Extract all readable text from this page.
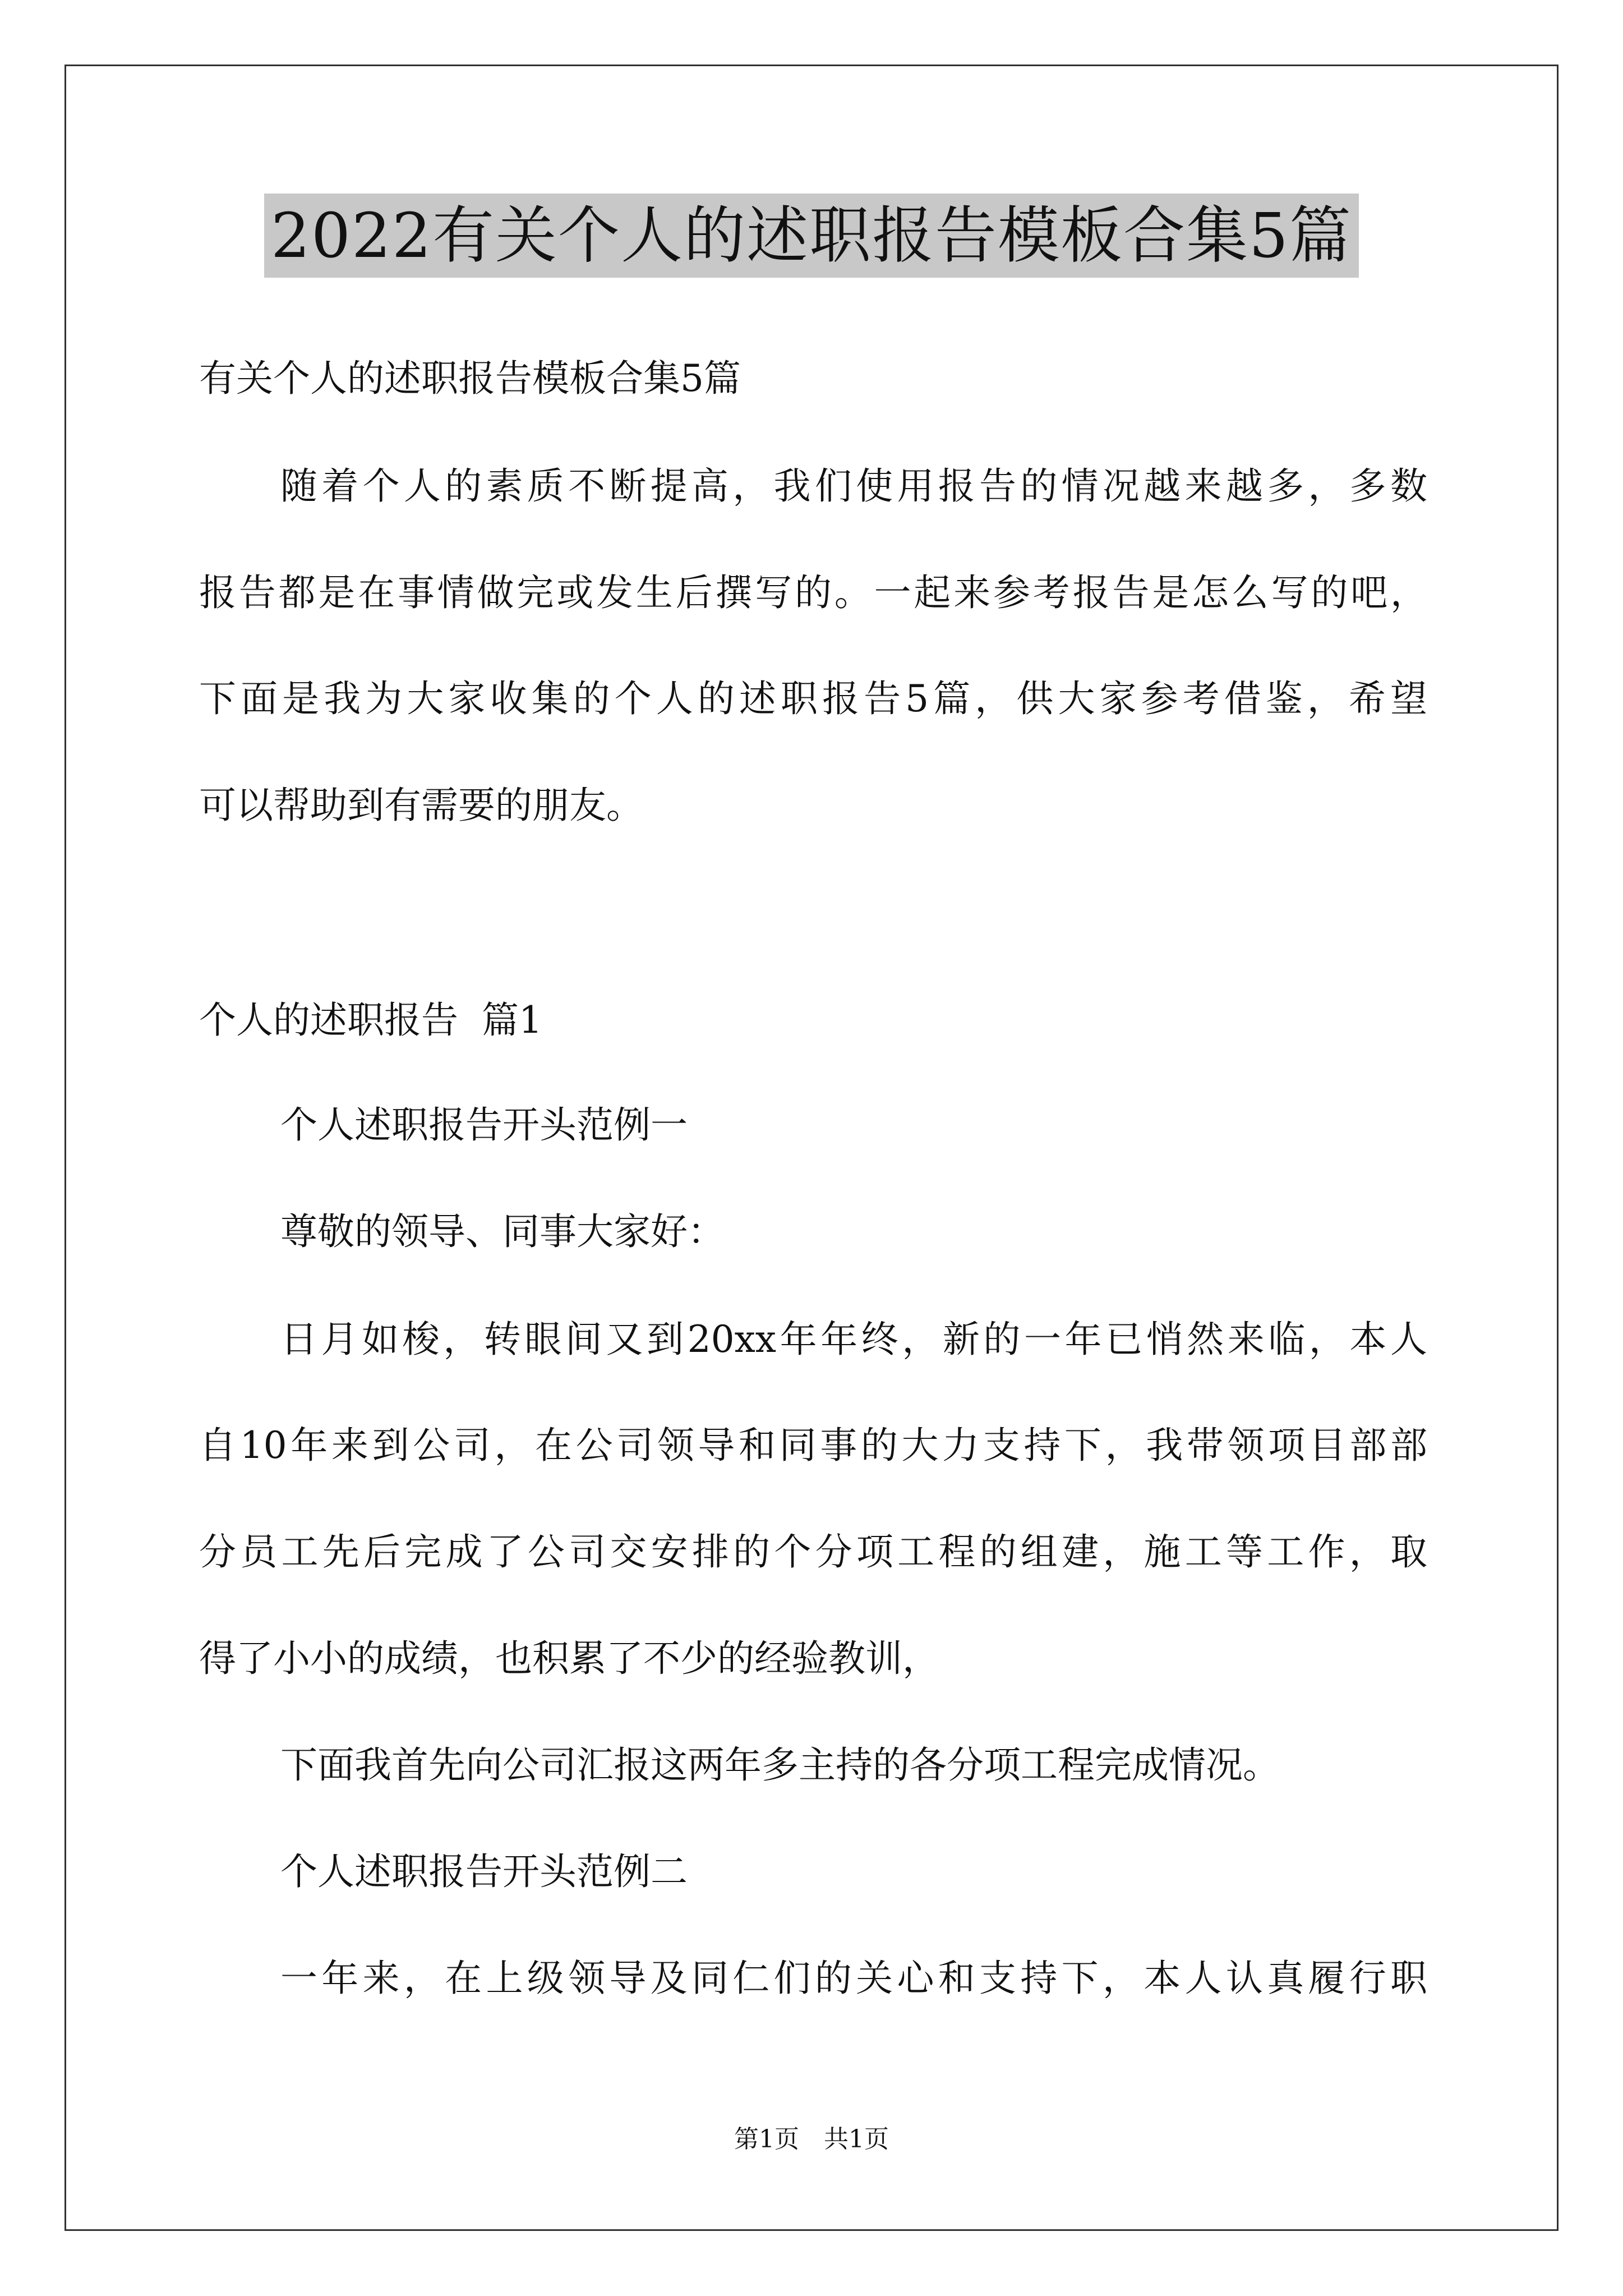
2022有关个人的述职报告模板合集5篇
有关个人的述职报告模板合集5篇
随着个人的素质不断提高，我们使用报告的情况越来越多，多数
报告都是在事情做完或发生后撰写的。一起来参考报告是怎么写的吧，
下面是我为大家收集的个人的述职报告5篇，供大家参考借鉴，希望
可以帮助到有需要的朋友。
个人的述职报告  篇1
个人述职报告开头范例一
尊敬的领导、同事大家好：
日月如梭，转眼间又到20xx年年终，新的一年已悄然来临，本人
自10年来到公司，在公司领导和同事的大力支持下，我带领项目部部
分员工先后完成了公司交安排的个分项工程的组建，施工等工作，取
得了小小的成绩，也积累了不少的经验教训，
下面我首先向公司汇报这两年多主持的各分项工程完成情况。
个人述职报告开头范例二
一年来，在上级领导及同仁们的关心和支持下，本人认真履行职
第1页　共1页
